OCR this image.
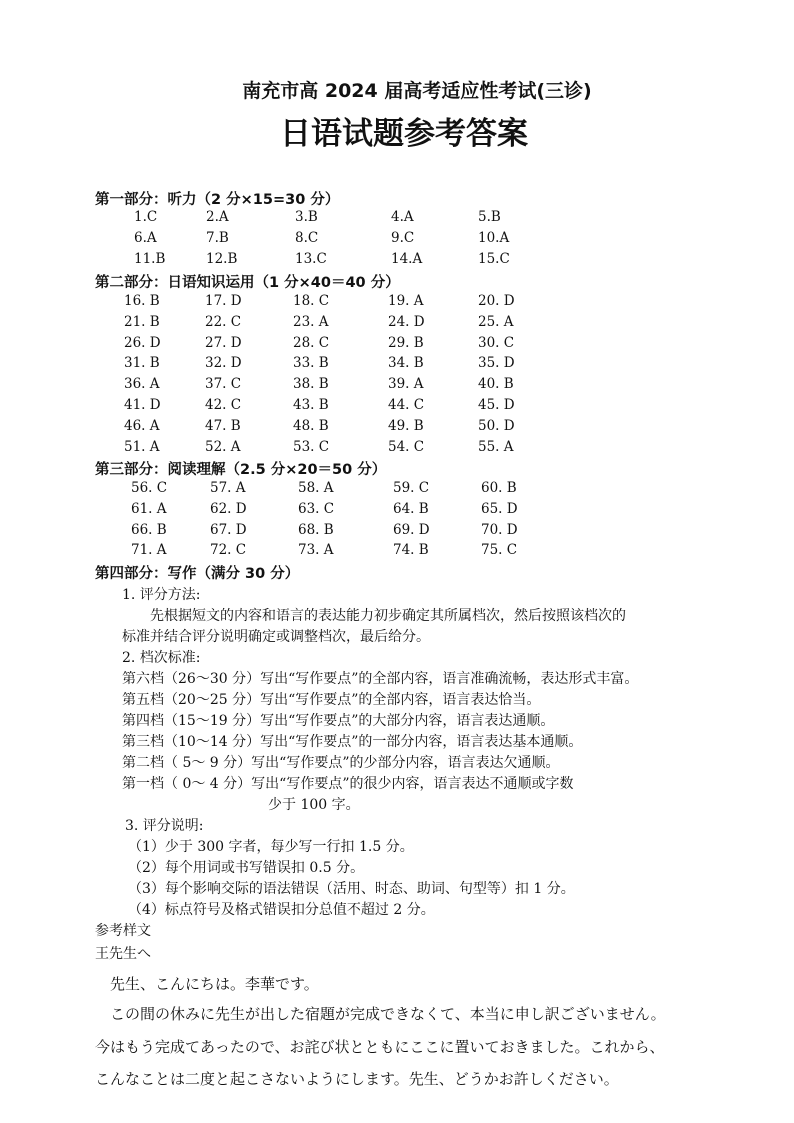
南充市高 2024 届高考适应性考试(三诊)
日语试题参考答案
第一部分：听力（2 分×15=30 分）
1.C	2.A	3.B	4.A	5.B
6.A	7.B	8.C	9.C	10.A
11.B	12.B	13.C	14.A	15.C
第二部分：日语知识运用（1 分×40＝40 分）
16. B	17. D	18. C	19. A	20. D
21. B	22. C	23. A	24. D	25. A
26. D	27. D	28. C	29. B	30. C
31. B	32. D	33. B	34. B	35. D
36. A	37. C	38. B	39. A	40. B
41. D	42. C	43. B	44. C	45. D
46. A	47. B	48. B	49. B	50. D
51. A	52. A	53. C	54. C	55. A
第三部分：阅读理解（2.5 分×20＝50 分）
56. C	57. A	58. A	59. C	60. B
61. A	62. D	63. C	64. B	65. D
66. B	67. D	68. B	69. D	70. D
71. A	72. C	73. A	74. B	75. C
第四部分：写作（满分 30 分）
1. 评分方法:
先根据短文的内容和语言的表达能力初步确定其所属档次，然后按照该档次的
标准并结合评分说明确定或调整档次，最后给分。
2. 档次标准:
第六档（26～30 分）写出“写作要点”的全部内容，语言准确流畅，表达形式丰富。
第五档（20～25 分）写出“写作要点”的全部内容，语言表达恰当。
第四档（15～19 分）写出“写作要点”的大部分内容，语言表达通顺。
第三档（10～14 分）写出“写作要点”的一部分内容，语言表达基本通顺。
第二档（ 5～ 9 分）写出“写作要点”的少部分内容，语言表达欠通顺。
第一档（ 0～ 4 分）写出“写作要点”的很少内容，语言表达不通顺或字数
少于 100 字。
3. 评分说明:
（1）少于 300 字者，每少写一行扣 1.5 分。
（2）每个用词或书写错误扣 0.5 分。
（3）每个影响交际的语法错误（活用、时态、助词、句型等）扣 1 分。
（4）标点符号及格式错误扣分总值不超过 2 分。
参考样文
王先生へ
　先生、こんにちは。李華です。
　この間の休みに先生が出した宿題が完成できなくて、本当に申し訳ございません。
今はもう完成てあったので、お詫び状とともにここに置いておきました。これから、
こんなことは二度と起こさないようにします。先生、どうかお許しください。
